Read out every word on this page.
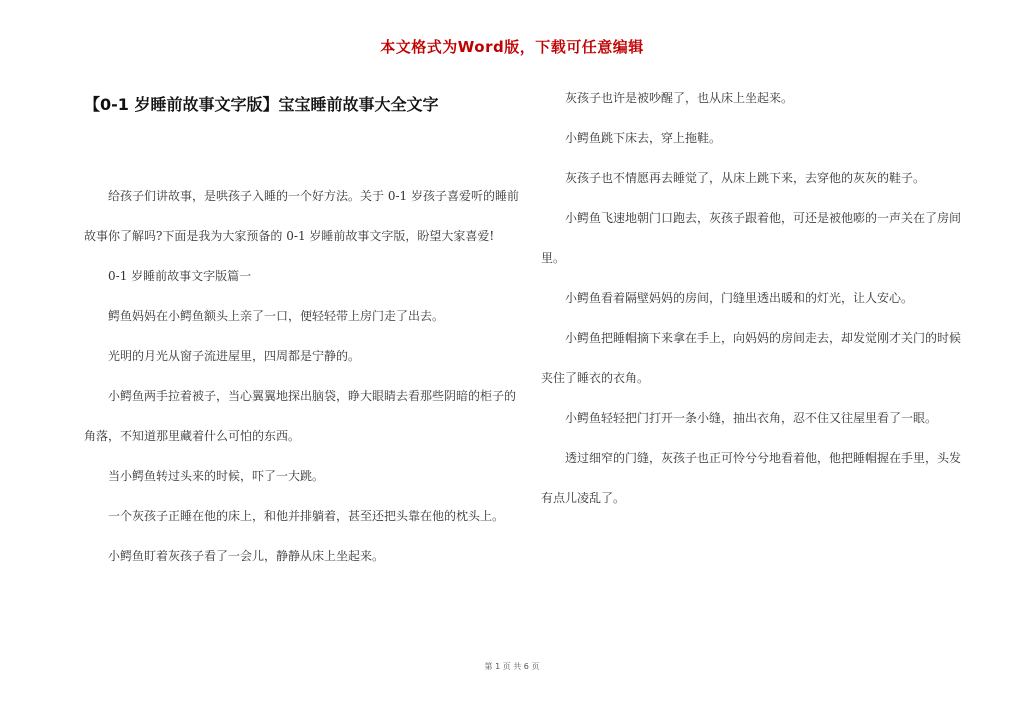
本文格式为Word版，下载可任意编辑
【0-1 岁睡前故事文字版】宝宝睡前故事大全文字

给孩子们讲故事，是哄孩子入睡的一个好方法。关于 0-1 岁孩子喜爱听的睡前故事你了解吗?下面是我为大家预备的 0-1 岁睡前故事文字版，盼望大家喜爱!

0-1 岁睡前故事文字版篇一

鳄鱼妈妈在小鳄鱼额头上亲了一口，便轻轻带上房门走了出去。

光明的月光从窗子流进屋里，四周都是宁静的。

小鳄鱼两手拉着被子，当心翼翼地探出脑袋，睁大眼睛去看那些阴暗的柜子的角落，不知道那里藏着什么可怕的东西。

当小鳄鱼转过头来的时候，吓了一大跳。

一个灰孩子正睡在他的床上，和他并排躺着，甚至还把头靠在他的枕头上。

小鳄鱼盯着灰孩子看了一会儿，静静从床上坐起来。

灰孩子也许是被吵醒了，也从床上坐起来。

小鳄鱼跳下床去，穿上拖鞋。

灰孩子也不情愿再去睡觉了，从床上跳下来，去穿他的灰灰的鞋子。

小鳄鱼飞速地朝门口跑去，灰孩子跟着他，可还是被他嘭的一声关在了房间里。

小鳄鱼看着隔壁妈妈的房间，门缝里透出暖和的灯光，让人安心。

小鳄鱼把睡帽摘下来拿在手上，向妈妈的房间走去，却发觉刚才关门的时候夹住了睡衣的衣角。

小鳄鱼轻轻把门打开一条小缝，抽出衣角，忍不住又往屋里看了一眼。

透过细窄的门缝，灰孩子也正可怜兮兮地看着他，他把睡帽握在手里，头发有点儿凌乱了。

第 1 页 共 6 页
